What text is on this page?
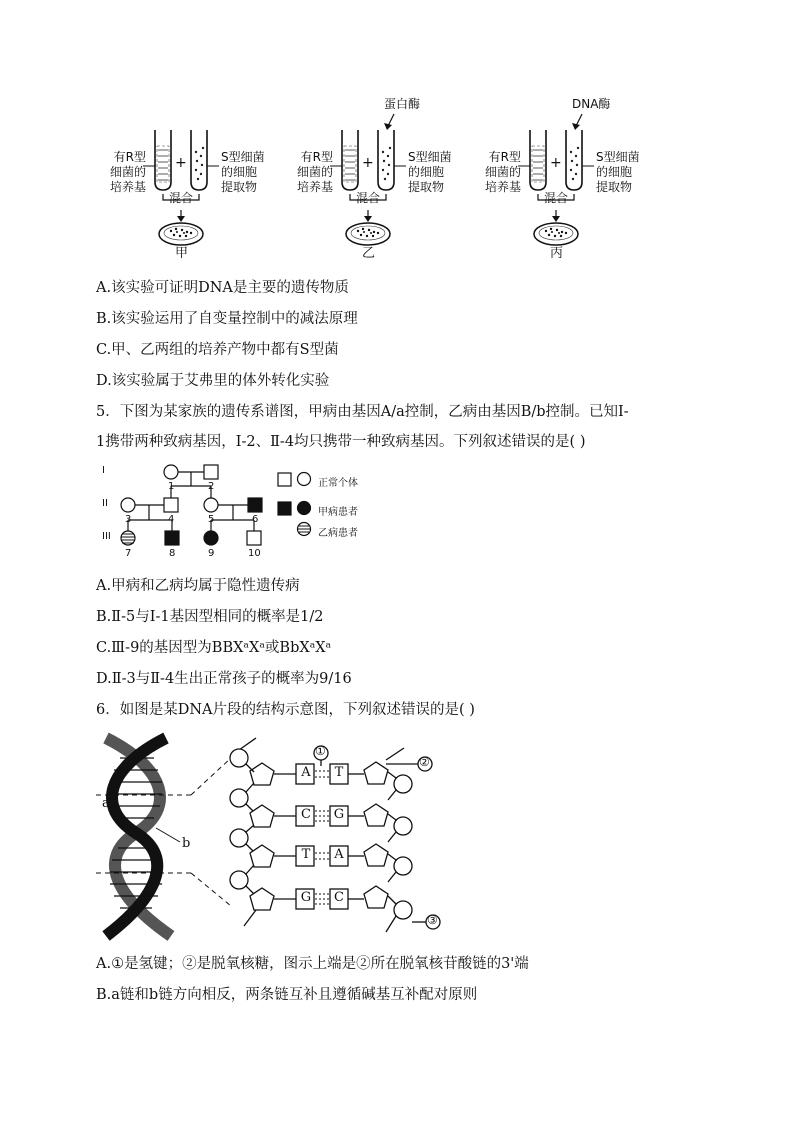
有R型
细菌的
培养基
+	S型细菌
的细胞
提取物
混合
甲
蛋白酶
有R型
细菌的
培养基
+	S型细菌
的细胞
提取物
混合
乙
DNA酶
有R型
细菌的
培养基
+	S型细菌
的细胞
提取物
混合
丙
A.该实验可证明DNA是主要的遗传物质
B.该实验运用了自变量控制中的减法原理
C.甲、乙两组的培养产物中都有S型菌
D.该实验属于艾弗里的体外转化实验
5．下图为某家族的遗传系谱图，甲病由基因A/a控制，乙病由基因B/b控制。已知I-
1携带两种致病基因，I-2、Ⅱ-4均只携带一种致病基因。下列叙述错误的是( )
I
II
III
1	2
3	4	5	6
7	8	9	10
正常个体
甲病患者
乙病患者
A.甲病和乙病均属于隐性遗传病
B.Ⅱ-5与I-1基因型相同的概率是1/2
C.Ⅲ-9的基因型为BBXᵃXᵃ或BbXᵃXᵃ
D.Ⅱ-3与Ⅱ-4生出正常孩子的概率为9/16
6．如图是某DNA片段的结构示意图，下列叙述错误的是( )
a
b
A T
C G
T A
G C
①
②
③
A.①是氢键；②是脱氧核糖，图示上端是②所在脱氧核苷酸链的3'端
B.a链和b链方向相反，两条链互补且遵循碱基互补配对原则
